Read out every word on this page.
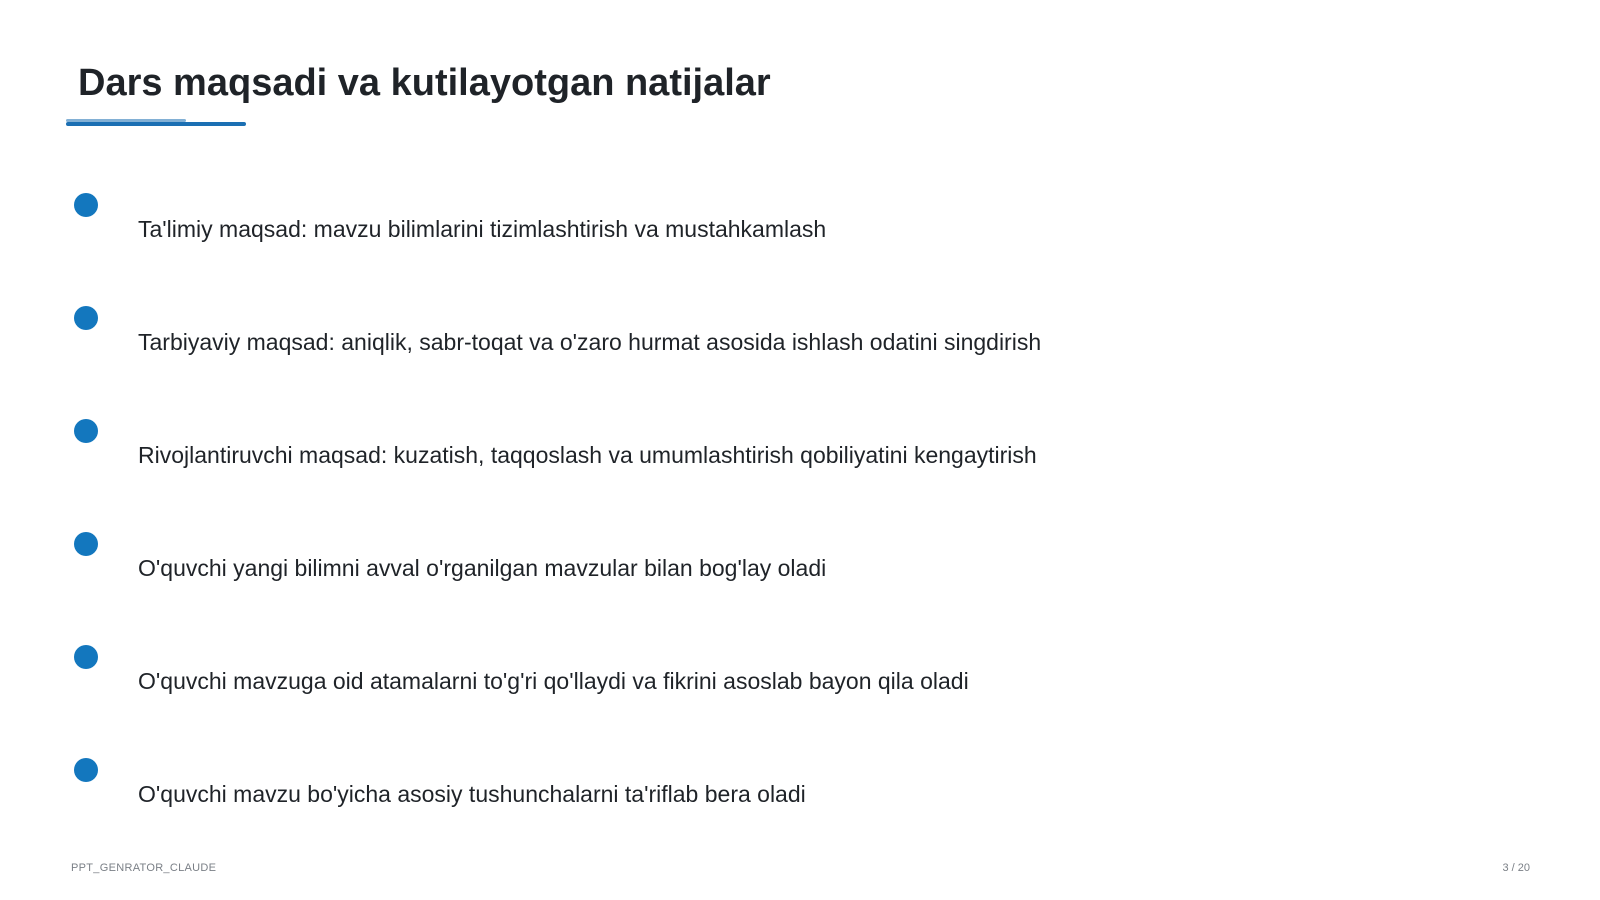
Dars maqsadi va kutilayotgan natijalar
Ta'limiy maqsad: mavzu bilimlarini tizimlashtirish va mustahkamlash
Tarbiyaviy maqsad: aniqlik, sabr-toqat va o'zaro hurmat asosida ishlash odatini singdirish
Rivojlantiruvchi maqsad: kuzatish, taqqoslash va umumlashtirish qobiliyatini kengaytirish
O'quvchi yangi bilimni avval o'rganilgan mavzular bilan bog'lay oladi
O'quvchi mavzuga oid atamalarni to'g'ri qo'llaydi va fikrini asoslab bayon qila oladi
O'quvchi mavzu bo'yicha asosiy tushunchalarni ta'riflab bera oladi
PPT_GENRATOR_CLAUDE	3 / 20
